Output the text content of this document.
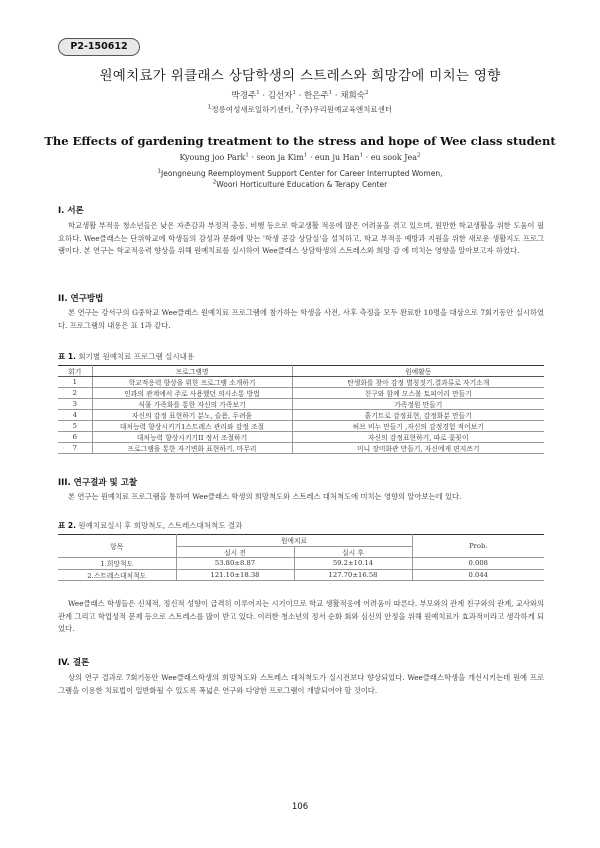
P2-150612
원예치료가 위클래스 상담학생의 스트레스와 희망감에 미치는 영향
박경주$^1$ · 김선자$^1$ · 한은주$^1$ · 채희숙$^2$
$^1$정릉여성새로일하기센터, $^2$(주)우리원예교육앤치료센터
The Effects of gardening treatment to the stress and hope of Wee class student
Kyoung joo Park$^1$ · seon ja Kim$^1$ · eun ju Han$^1$ · eu sook Jea$^2$
$^1$Jeongneung Reemployment Support Center for Career Interrupted Women,
$^2$Woori Horticulture Education & Terapy Center
I. 서론
학교생활 부적응 청소년들은 낮은 자존감과 부정적 충동, 비행 등으로 학교생활 적응에 많은 어려움을 겪고 있으며, 원만한 학교생활을 위한 도움이 필요하다. Wee클래스는 단위학교에 학생들의 감성과 문화에 맞는 '학생 공감 상담실'을 설치하고, 학교 부적응 예방과 지원을 위한 새로운 생활지도 프로그램이다. 본 연구는 학교적응력 향상을 위해 원예치료를 실시하여 Wee클래스 상담학생의 스트레스와 희망 감 에 미치는 영향을 알아보고자 하였다.
II. 연구방법
본 연구는 강서구의 G중학교 Wee클래스 원예치료 프로그램에 참가하는 학생을 사전, 사후 측정을 모두 완료한 10명을 대상으로 7회기동안 실시하였다. 프로그램의 내용은 표 1과 같다.
표 1. 회기별 원예치료 프로그램 실시내용
회기	프로그램명	원예활동
1	학교적응력 향상을 위한 프로그램 소개하기	탄생화를 찾아 감정 별칭짓기.결과류로 자기소개
2	인과의 관계에서 주로 사용했던 의사소통 방법	친구와 함께 모스볼 토피어리 만들기
3	식물 가족화를 통한 자신의 가족보기	가족정원 만들기
4	자신의 감정 표현하기 분노, 슬픔, 두려움	흙기트로 감정표현, 감정화분 만들기
5	대처능력 향상시키기1스트레스 관리와 감정 조절	허브 비누 만들기 ,자신의 감정경험 적어보기
6	대처능력 향상시키기II 정서 조절하기	자신의 감정표현하기, 따로 꽃꽂이
7	프로그램을 통한 자기변화 표현하기. 마무리	미니 장미화관 만들기, 자신에게 편지쓰기
III. 연구결과 및 고찰
본 연구는 원예치료 프로그램을 통하여 Wee클래스 학생의 희망척도와 스트레스 대처척도에 미치는 영향의 알아보는데 있다.
표 2. 원예치료실시 후 희망척도, 스트레스대처척도 결과
항목	원예치료		Prob.
	실시 전	실시 후	
1.희망척도	53.80±8.87	59.2±10.14	0.008
2.스트레스대처척도	121.10±18.38	127.70±16.58	0.044
Wee클래스 학생들은 신체적, 정신적 성향이 급격히 이루어지는 시기이므로 학교 생활적응에 어려움이 따른다. 부모와의 관계 친구와의 관계, 교사와의 관계 그리고 학업성적 문제 등으로 스트레스를 많이 받고 있다. 이러한 청소년의 정서 순화 회와 심신의 안정을 위해 원예치료가 효과적이라고 생각하게 되었다.
IV. 결론
상의 연구 결과로 7회기동안 Wee클래스학생의 희망척도와 스트레스 대처척도가 실시전보다 향상되었다. Wee클래스학생을 개선시키는데 원예 프로그램을 이용한 치료법이 일반화될 수 있도록 폭넓은 연구와 다양한 프로그램이 개발되어야 할 것이다.
106
